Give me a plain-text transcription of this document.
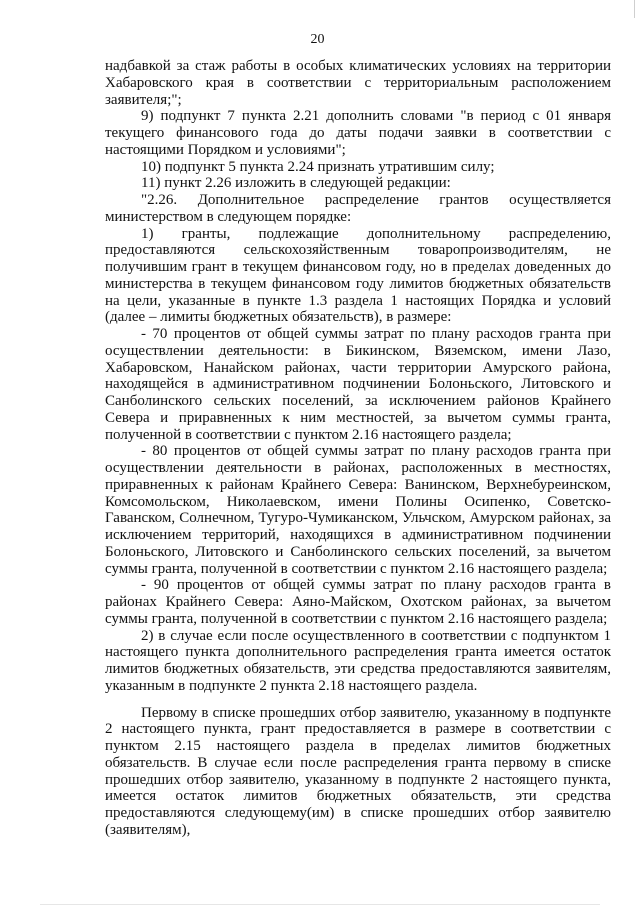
20

надбавкой за стаж работы в особых климатических условиях на территории Хабаровского края в соответствии с территориальным расположением заявителя;";

9) подпункт 7 пункта 2.21 дополнить словами "в период с 01 января текущего финансового года до даты подачи заявки в соответствии с настоящими Порядком и условиями";

10) подпункт 5 пункта 2.24 признать утратившим силу;

11) пункт 2.26 изложить в следующей редакции:

"2.26. Дополнительное распределение грантов осуществляется министерством в следующем порядке:

1) гранты, подлежащие дополнительному распределению, предоставляются сельскохозяйственным товаропроизводителям, не получившим грант в текущем финансовом году, но в пределах доведенных до министерства в текущем финансовом году лимитов бюджетных обязательств на цели, указанные в пункте 1.3 раздела 1 настоящих Порядка и условий (далее – лимиты бюджетных обязательств), в размере:

- 70 процентов от общей суммы затрат по плану расходов гранта при осуществлении деятельности: в Бикинском, Вяземском, имени Лазо, Хабаровском, Нанайском районах, части территории Амурского района, находящейся в административном подчинении Болоньского, Литовского и Санболинского сельских поселений, за исключением районов Крайнего Севера и приравненных к ним местностей, за вычетом суммы гранта, полученной в соответствии с пунктом 2.16 настоящего раздела;

- 80 процентов от общей суммы затрат по плану расходов гранта при осуществлении деятельности в районах, расположенных в местностях, приравненных к районам Крайнего Севера: Ванинском, Верхнебуреинском, Комсомольском, Николаевском, имени Полины Осипенко, Советско-Гаванском, Солнечном, Тугуро-Чумиканском, Ульчском, Амурском районах, за исключением территорий, находящихся в административном подчинении Болоньского, Литовского и Санболинского сельских поселений, за вычетом суммы гранта, полученной в соответствии с пунктом 2.16 настоящего раздела;

- 90 процентов от общей суммы затрат по плану расходов гранта в районах Крайнего Севера: Аяно-Майском, Охотском районах, за вычетом суммы гранта, полученной в соответствии с пунктом 2.16 настоящего раздела;

2) в случае если после осуществленного в соответствии с подпунктом 1 настоящего пункта дополнительного распределения гранта имеется остаток лимитов бюджетных обязательств, эти средства предоставляются заявителям, указанным в подпункте 2 пункта 2.18 настоящего раздела.

Первому в списке прошедших отбор заявителю, указанному в подпункте 2 настоящего пункта, грант предоставляется в размере в соответствии с пунктом 2.15 настоящего раздела в пределах лимитов бюджетных обязательств. В случае если после распределения гранта первому в списке прошедших отбор заявителю, указанному в подпункте 2 настоящего пункта, имеется остаток лимитов бюджетных обязательств, эти средства предоставляются следующему(им) в списке прошедших отбор заявителю (заявителям),
